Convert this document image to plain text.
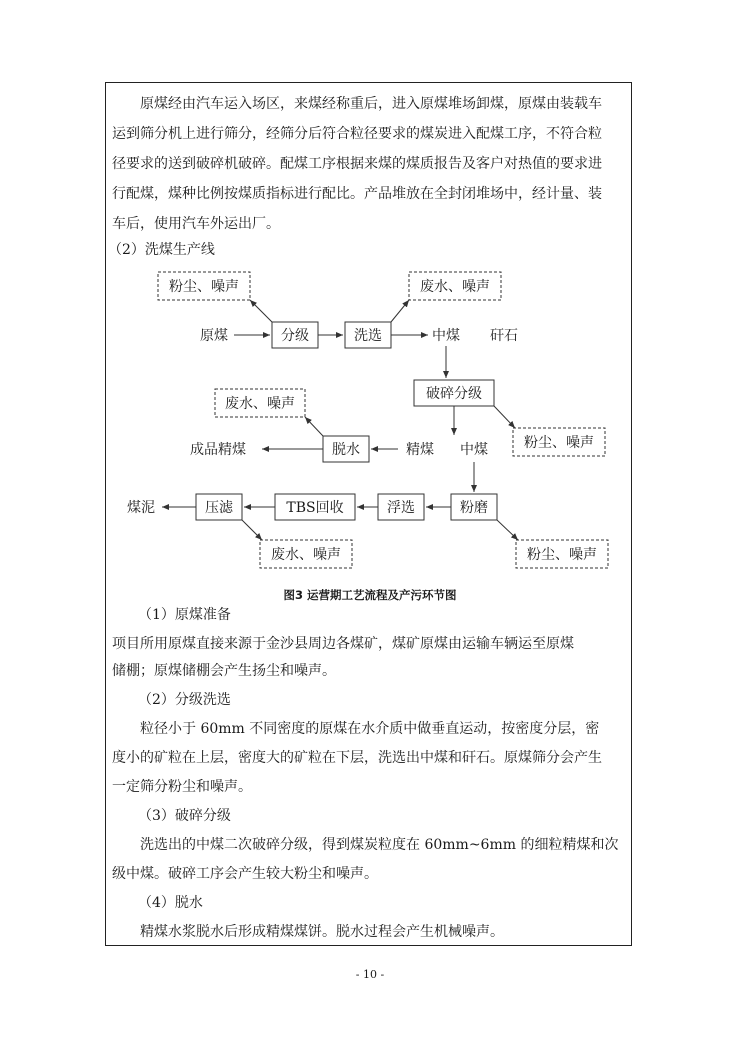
原煤经由汽车运入场区，来煤经称重后，进入原煤堆场卸煤，原煤由装载车
运到筛分机上进行筛分，经筛分后符合粒径要求的煤炭进入配煤工序，不符合粒
径要求的送到破碎机破碎。配煤工序根据来煤的煤质报告及客户对热值的要求进
行配煤，煤种比例按煤质指标进行配比。产品堆放在全封闭堆场中，经计量、装
车后，使用汽车外运出厂。
（2）洗煤生产线
粉尘、噪声	废水、噪声
废水、噪声
粉尘、噪声
废水、噪声	粉尘、噪声
分级	洗选
破碎分级
脱水
粉磨
浮选
TBS回收
压滤
原煤	中煤 矸石
精煤 中煤
成品精煤
煤泥
图3 运营期工艺流程及产污环节图
（1）原煤准备
项目所用原煤直接来源于金沙县周边各煤矿，煤矿原煤由运输车辆运至原煤
储棚；原煤储棚会产生扬尘和噪声。
（2）分级洗选
粒径小于 60mm 不同密度的原煤在水介质中做垂直运动，按密度分层，密
度小的矿粒在上层，密度大的矿粒在下层，洗选出中煤和矸石。原煤筛分会产生
一定筛分粉尘和噪声。
（3）破碎分级
洗选出的中煤二次破碎分级，得到煤炭粒度在 60mm~6mm 的细粒精煤和次
级中煤。破碎工序会产生较大粉尘和噪声。
（4）脱水
精煤水浆脱水后形成精煤煤饼。脱水过程会产生机械噪声。
- 10 -
